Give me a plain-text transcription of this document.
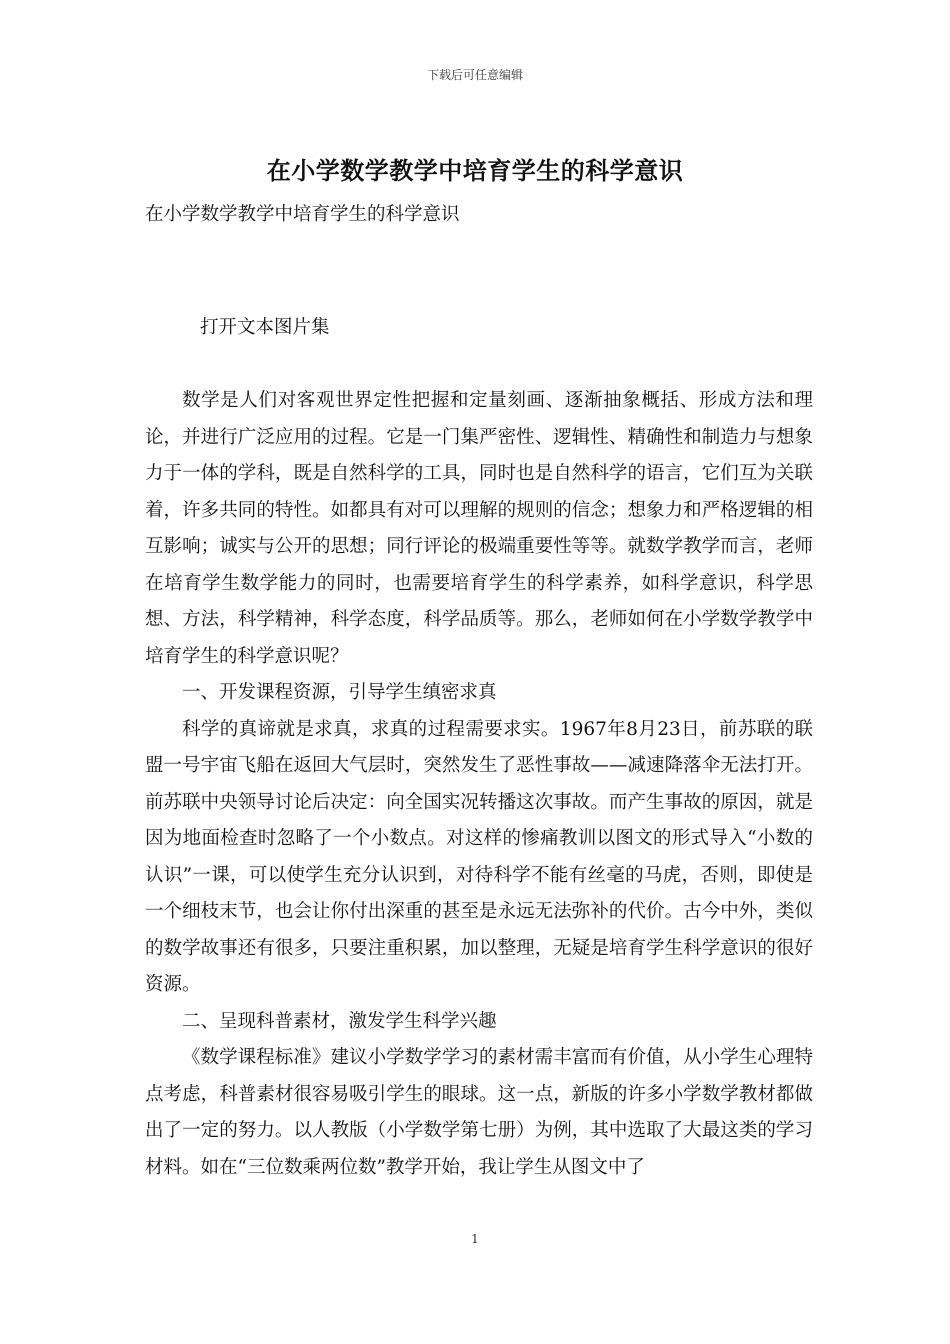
下载后可任意编辑
在小学数学教学中培育学生的科学意识
在小学数学教学中培育学生的科学意识
打开文本图片集

数学是人们对客观世界定性把握和定量刻画、逐渐抽象概括、形成方法和理论，并进行广泛应用的过程。它是一门集严密性、逻辑性、精确性和制造力与想象力于一体的学科，既是自然科学的工具，同时也是自然科学的语言，它们互为关联着，许多共同的特性。如都具有对可以理解的规则的信念；想象力和严格逻辑的相互影响；诚实与公开的思想；同行评论的极端重要性等等。就数学教学而言，老师在培育学生数学能力的同时，也需要培育学生的科学素养，如科学意识，科学思想、方法，科学精神，科学态度，科学品质等。那么，老师如何在小学数学教学中培育学生的科学意识呢？

一、开发课程资源，引导学生缜密求真

科学的真谛就是求真，求真的过程需要求实。1967年8月23日，前苏联的联盟一号宇宙飞船在返回大气层时，突然发生了恶性事故——减速降落伞无法打开。前苏联中央领导讨论后决定：向全国实况转播这次事故。而产生事故的原因，就是因为地面检查时忽略了一个小数点。对这样的惨痛教训以图文的形式导入“小数的认识”一课，可以使学生充分认识到，对待科学不能有丝毫的马虎，否则，即使是一个细枝末节，也会让你付出深重的甚至是永远无法弥补的代价。古今中外，类似的数学故事还有很多，只要注重积累，加以整理，无疑是培育学生科学意识的很好资源。

二、呈现科普素材，激发学生科学兴趣

《数学课程标准》建议小学数学学习的素材需丰富而有价值，从小学生心理特点考虑，科普素材很容易吸引学生的眼球。这一点，新版的许多小学数学教材都做出了一定的努力。以人教版（小学数学第七册）为例，其中选取了大最这类的学习材料。如在“三位数乘两位数”教学开始，我让学生从图文中了

1
